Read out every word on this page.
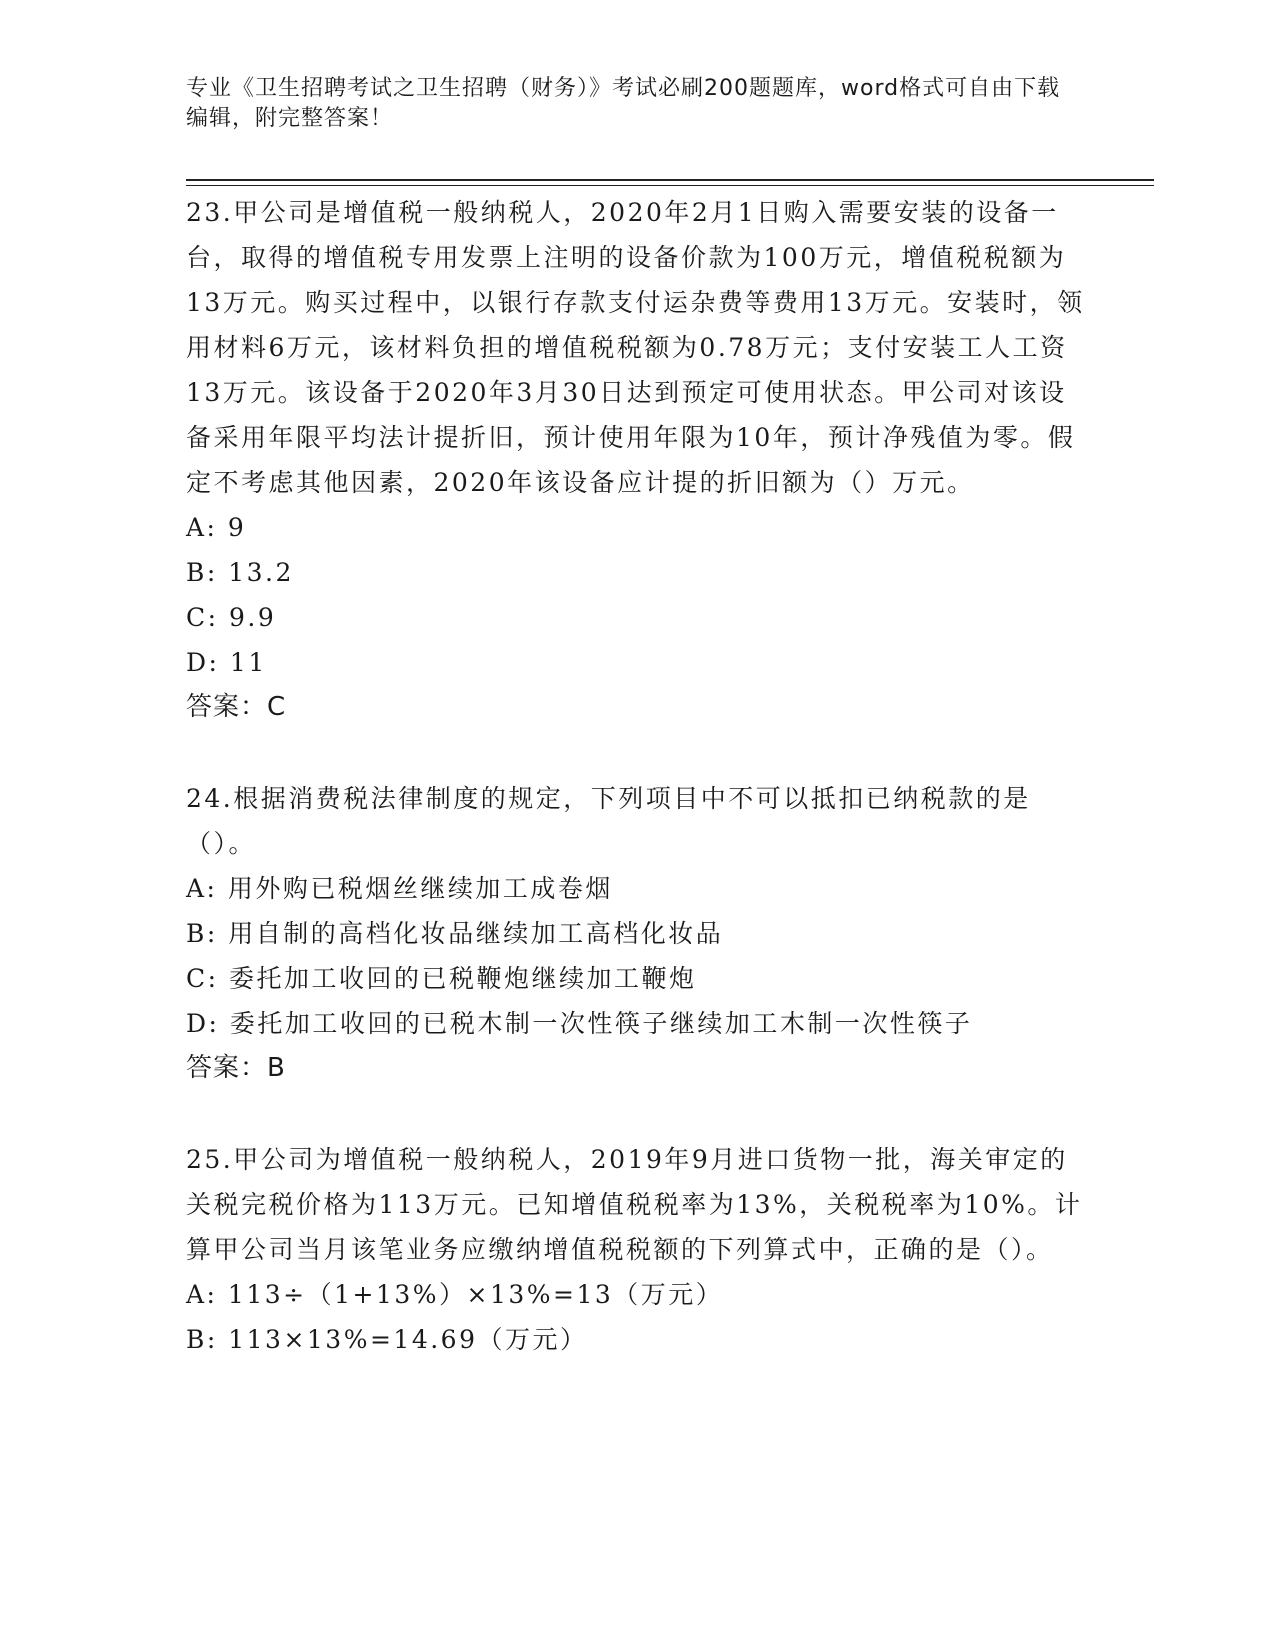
专业《卫生招聘考试之卫生招聘（财务）》考试必刷200题题库，word格式可自由下载编辑，附完整答案！

23.甲公司是增值税一般纳税人，2020年2月1日购入需要安装的设备一台，取得的增值税专用发票上注明的设备价款为100万元，增值税税额为13万元。购买过程中，以银行存款支付运杂费等费用13万元。安装时，领用材料6万元，该材料负担的增值税税额为0.78万元；支付安装工人工资13万元。该设备于2020年3月30日达到预定可使用状态。甲公司对该设备采用年限平均法计提折旧，预计使用年限为10年，预计净残值为零。假定不考虑其他因素，2020年该设备应计提的折旧额为（）万元。

A: 9

B: 13.2

C: 9.9

D: 11

答案：C

24.根据消费税法律制度的规定，下列项目中不可以抵扣已纳税款的是（）。

A: 用外购已税烟丝继续加工成卷烟

B: 用自制的高档化妆品继续加工高档化妆品

C: 委托加工收回的已税鞭炮继续加工鞭炮

D: 委托加工收回的已税木制一次性筷子继续加工木制一次性筷子

答案：B

25.甲公司为增值税一般纳税人，2019年9月进口货物一批，海关审定的关税完税价格为113万元。已知增值税税率为13%，关税税率为10%。计算甲公司当月该笔业务应缴纳增值税税额的下列算式中，正确的是（）。

A: 113÷（1+13%）×13%=13（万元）

B: 113×13%=14.69（万元）
